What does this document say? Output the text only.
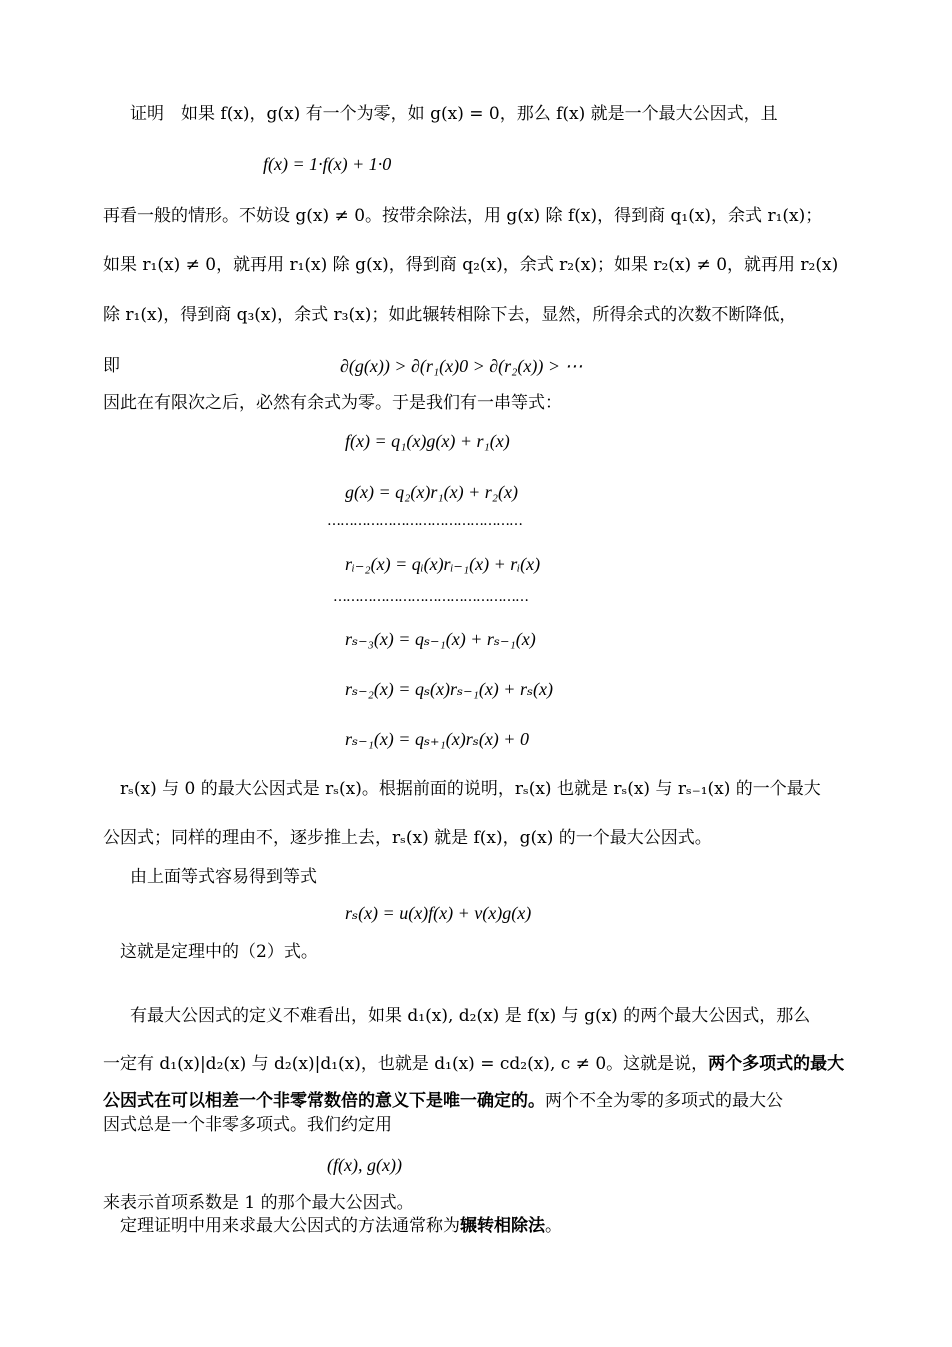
证明　如果 f(x)，g(x) 有一个为零，如 g(x) = 0，那么 f(x) 就是一个最大公因式，且
f(x) = 1·f(x) + 1·0
再看一般的情形。不妨设 g(x) ≠ 0。按带余除法，用 g(x) 除 f(x)，得到商 q₁(x)，余式 r₁(x)；
如果 r₁(x) ≠ 0，就再用 r₁(x) 除 g(x)，得到商 q₂(x)，余式 r₂(x)；如果 r₂(x) ≠ 0，就再用 r₂(x)
除 r₁(x)，得到商 q₃(x)，余式 r₃(x)；如此辗转相除下去，显然，所得余式的次数不断降低，
即	∂(g(x)) > ∂(r₁(x)0 > ∂(r₂(x)) > ⋯
因此在有限次之后，必然有余式为零。于是我们有一串等式：
f(x) = q₁(x)g(x) + r₁(x)
g(x) = q₂(x)r₁(x) + r₂(x)
………………………………………
rᵢ₋₂(x) = qᵢ(x)rᵢ₋₁(x) + rᵢ(x)
………………………………………
rₛ₋₃(x) = qₛ₋₁(x) + rₛ₋₁(x)
rₛ₋₂(x) = qₛ(x)rₛ₋₁(x) + rₛ(x)
rₛ₋₁(x) = qₛ₊₁(x)rₛ(x) + 0
rₛ(x) 与 0 的最大公因式是 rₛ(x)。根据前面的说明，rₛ(x) 也就是 rₛ(x) 与 rₛ₋₁(x) 的一个最大
公因式；同样的理由不，逐步推上去，rₛ(x) 就是 f(x)，g(x) 的一个最大公因式。
由上面等式容易得到等式
rₛ(x) = u(x)f(x) + v(x)g(x)
这就是定理中的（2）式。
有最大公因式的定义不难看出，如果 d₁(x), d₂(x) 是 f(x) 与 g(x) 的两个最大公因式，那么
一定有 d₁(x)|d₂(x) 与 d₂(x)|d₁(x)，也就是 d₁(x) = cd₂(x), c ≠ 0。这就是说，两个多项式的最大
公因式在可以相差一个非零常数倍的意义下是唯一确定的。两个不全为零的多项式的最大公
因式总是一个非零多项式。我们约定用
(f(x), g(x))
来表示首项系数是 1 的那个最大公因式。
定理证明中用来求最大公因式的方法通常称为辗转相除法。
